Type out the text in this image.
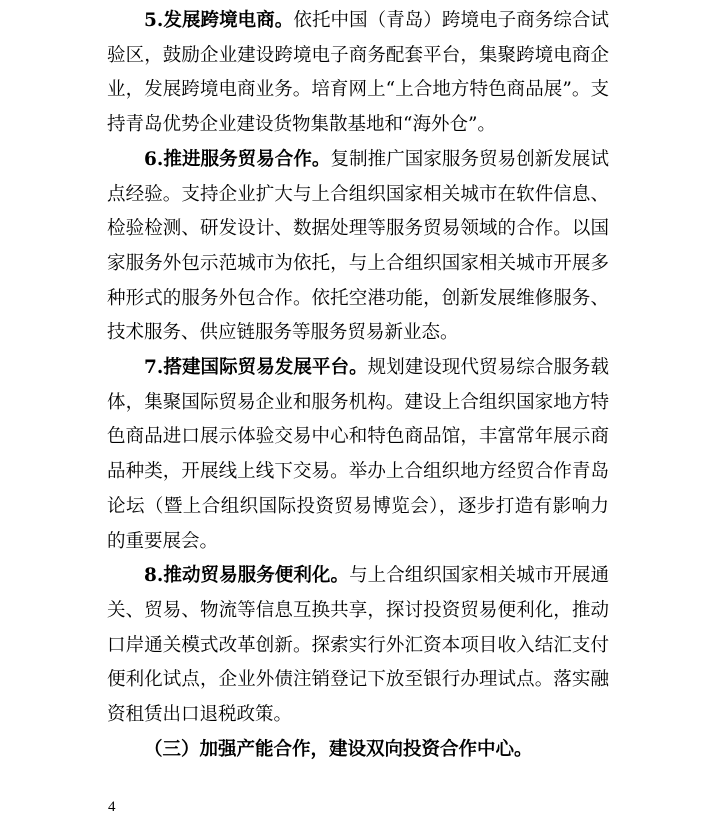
5.发展跨境电商。依托中国（青岛）跨境电子商务综合试验区，鼓励企业建设跨境电子商务配套平台，集聚跨境电商企业，发展跨境电商业务。培育网上“上合地方特色商品展”。支持青岛优势企业建设货物集散基地和“海外仓”。

6.推进服务贸易合作。复制推广国家服务贸易创新发展试点经验。支持企业扩大与上合组织国家相关城市在软件信息、检验检测、研发设计、数据处理等服务贸易领域的合作。以国家服务外包示范城市为依托，与上合组织国家相关城市开展多种形式的服务外包合作。依托空港功能，创新发展维修服务、技术服务、供应链服务等服务贸易新业态。

7.搭建国际贸易发展平台。规划建设现代贸易综合服务载体，集聚国际贸易企业和服务机构。建设上合组织国家地方特色商品进口展示体验交易中心和特色商品馆，丰富常年展示商品种类，开展线上线下交易。举办上合组织地方经贸合作青岛论坛（暨上合组织国际投资贸易博览会），逐步打造有影响力的重要展会。

8.推动贸易服务便利化。与上合组织国家相关城市开展通关、贸易、物流等信息互换共享，探讨投资贸易便利化，推动口岸通关模式改革创新。探索实行外汇资本项目收入结汇支付便利化试点，企业外债注销登记下放至银行办理试点。落实融资租赁出口退税政策。

（三）加强产能合作，建设双向投资合作中心。

4
